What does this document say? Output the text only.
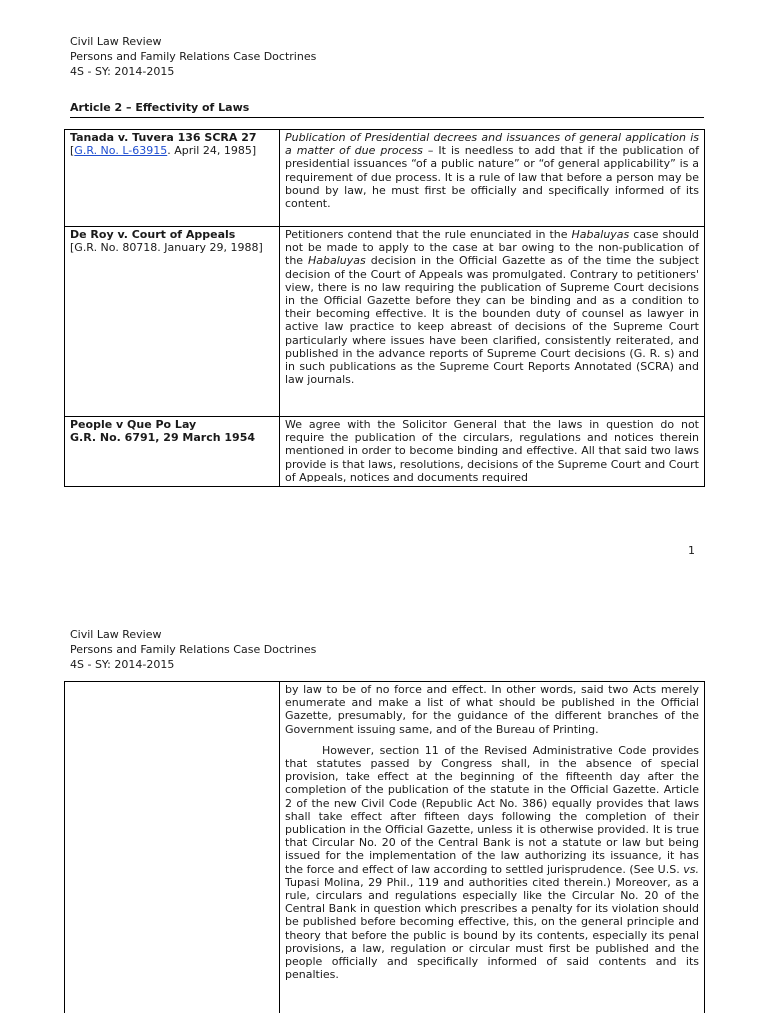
Civil Law Review
Persons and Family Relations Case Doctrines
4S - SY: 2014-2015
Article 2 – Effectivity of Laws
Tanada v. Tuvera 136 SCRA 27
[G.R. No. L-63915. April 24, 1985]	Publication of Presidential decrees and issuances of general application is a matter of due process – It is needless to add that if the publication of presidential issuances “of a public nature” or “of general applicability” is a requirement of due process. It is a rule of law that before a person may be bound by law, he must first be officially and specifically informed of its content.

De Roy v. Court of Appeals
[G.R. No. 80718. January 29, 1988]	Petitioners contend that the rule enunciated in the Habaluyas case should not be made to apply to the case at bar owing to the non-publication of the Habaluyas decision in the Official Gazette as of the time the subject decision of the Court of Appeals was promulgated. Contrary to petitioners' view, there is no law requiring the publication of Supreme Court decisions in the Official Gazette before they can be binding and as a condition to their becoming effective. It is the bounden duty of counsel as lawyer in active law practice to keep abreast of decisions of the Supreme Court particularly where issues have been clarified, consistently reiterated, and published in the advance reports of Supreme Court decisions (G. R. s) and in such publications as the Supreme Court Reports Annotated (SCRA) and law journals.

People v Que Po Lay
G.R. No. 6791, 29 March 1954	We agree with the Solicitor General that the laws in question do not require the publication of the circulars, regulations and notices therein mentioned in order to become binding and effective. All that said two laws provide is that laws, resolutions, decisions of the Supreme Court and Court of Appeals, notices and documents required
1
Civil Law Review
Persons and Family Relations Case Doctrines
4S - SY: 2014-2015

by law to be of no force and effect. In other words, said two Acts merely enumerate and make a list of what should be published in the Official Gazette, presumably, for the guidance of the different branches of the Government issuing same, and of the Bureau of Printing.
However, section 11 of the Revised Administrative Code provides that statutes passed by Congress shall, in the absence of special provision, take effect at the beginning of the fifteenth day after the completion of the publication of the statute in the Official Gazette. Article 2 of the new Civil Code (Republic Act No. 386) equally provides that laws shall take effect after fifteen days following the completion of their publication in the Official Gazette, unless it is otherwise provided. It is true that Circular No. 20 of the Central Bank is not a statute or law but being issued for the implementation of the law authorizing its issuance, it has the force and effect of law according to settled jurisprudence. (See U.S. vs. Tupasi Molina, 29 Phil., 119 and authorities cited therein.) Moreover, as a rule, circulars and regulations especially like the Circular No. 20 of the Central Bank in question which prescribes a penalty for its violation should be published before becoming effective, this, on the general principle and theory that before the public is bound by its contents, especially its penal provisions, a law, regulation or circular must first be published and the people officially and specifically informed of said contents and its penalties.
